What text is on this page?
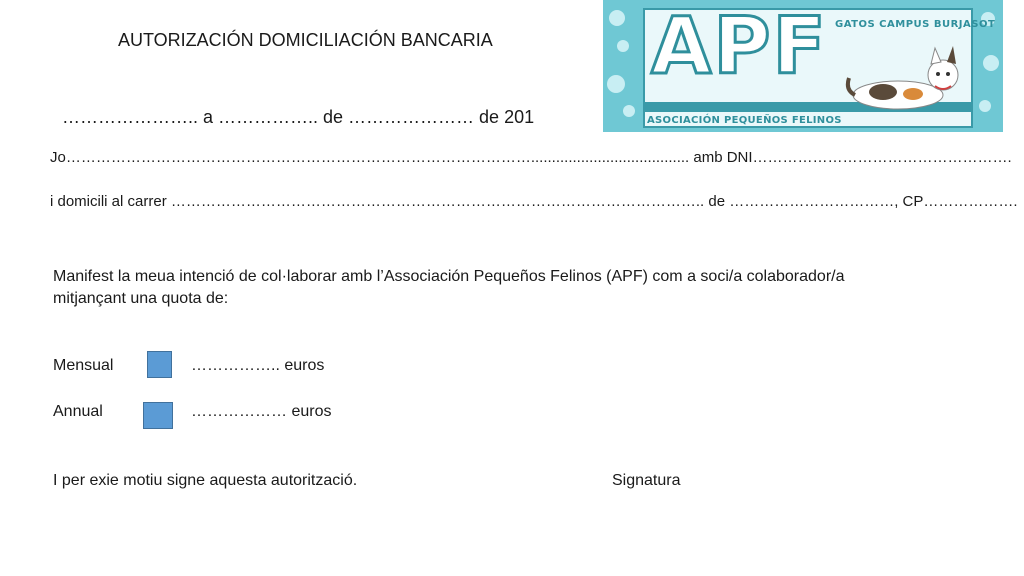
AUTORIZACIÓN DOMICILIACIÓN BANCARIA
………………….. a …………….. de ………………… de 201
APF GATOS CAMPUS BURJASOT
ASOCIACIÓN PEQUEÑOS FELINOS
Jo…………………………………………………………………………………...................................... amb DNI…………………………………………….
i domicili al carrer …………………………………………………………………………………………….. de ……………………………, CP……………….
Manifest la meua intenció de col·laborar amb l’Associación Pequeños Felinos (APF) com a soci/a colaborador/a
mitjançant una quota de:
Mensual	…………….. euros
Annual	……………… euros
I per exie motiu signe aquesta autorització.	Signatura
